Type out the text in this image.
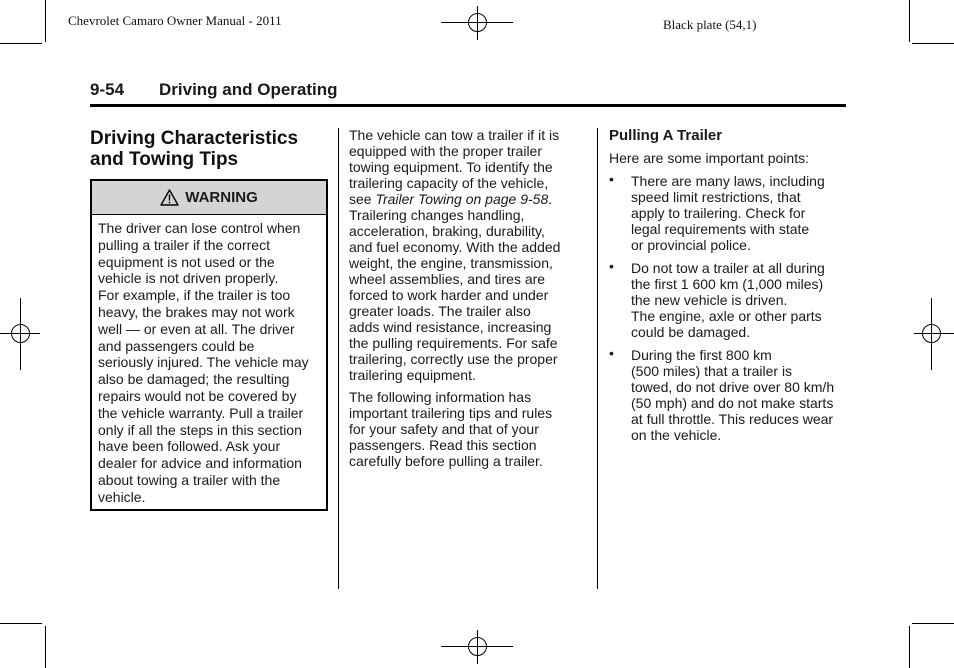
Chevrolet Camaro Owner Manual - 2011	Black plate (54,1)
9-54 Driving and Operating
Driving Characteristics
and Towing Tips
WARNING
The driver can lose control when
pulling a trailer if the correct
equipment is not used or the
vehicle is not driven properly.
For example, if the trailer is too
heavy, the brakes may not work
well — or even at all. The driver
and passengers could be
seriously injured. The vehicle may
also be damaged; the resulting
repairs would not be covered by
the vehicle warranty. Pull a trailer
only if all the steps in this section
have been followed. Ask your
dealer for advice and information
about towing a trailer with the
vehicle.

The vehicle can tow a trailer if it is
equipped with the proper trailer
towing equipment. To identify the
trailering capacity of the vehicle,
see Trailer Towing on page 9-58.
Trailering changes handling,
acceleration, braking, durability,
and fuel economy. With the added
weight, the engine, transmission,
wheel assemblies, and tires are
forced to work harder and under
greater loads. The trailer also
adds wind resistance, increasing
the pulling requirements. For safe
trailering, correctly use the proper
trailering equipment.

The following information has
important trailering tips and rules
for your safety and that of your
passengers. Read this section
carefully before pulling a trailer.

Pulling A Trailer

Here are some important points:

• There are many laws, including
speed limit restrictions, that
apply to trailering. Check for
legal requirements with state
or provincial police.
• Do not tow a trailer at all during
the first 1 600 km (1,000 miles)
the new vehicle is driven.
The engine, axle or other parts
could be damaged.
• During the first 800 km
(500 miles) that a trailer is
towed, do not drive over 80 km/h
(50 mph) and do not make starts
at full throttle. This reduces wear
on the vehicle.
